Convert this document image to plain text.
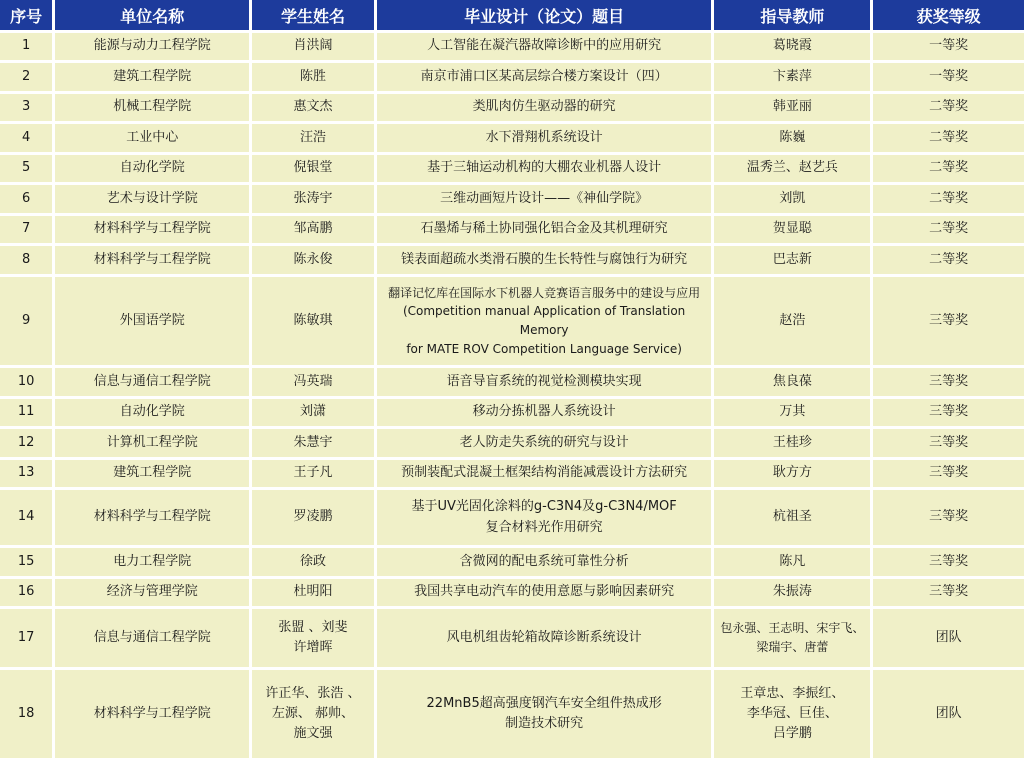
序号	单位名称	学生姓名	毕业设计（论文）题目	指导教师	获奖等级
1	能源与动力工程学院	肖洪阔	人工智能在凝汽器故障诊断中的应用研究	葛晓霞	一等奖
2	建筑工程学院	陈胜	南京市浦口区某高层综合楼方案设计（四）	卞素萍	一等奖
3	机械工程学院	惠文杰	类肌肉仿生驱动器的研究	韩亚丽	二等奖
4	工业中心	汪浩	水下滑翔机系统设计	陈巍	二等奖
5	自动化学院	倪银堂	基于三轴运动机构的大棚农业机器人设计	温秀兰、赵艺兵	二等奖
6	艺术与设计学院	张涛宇	三维动画短片设计——《神仙学院》	刘凯	二等奖
7	材料科学与工程学院	邹高鹏	石墨烯与稀土协同强化铝合金及其机理研究	贺显聪	二等奖
8	材料科学与工程学院	陈永俊	镁表面超疏水类滑石膜的生长特性与腐蚀行为研究	巴志新	二等奖
9	外国语学院	陈敏琪	翻译记忆库在国际水下机器人竞赛语言服务中的建设与应用
(Competition manual Application of Translation Memory
for MATE ROV Competition Language Service)	赵浩	三等奖
10	信息与通信工程学院	冯英瑞	语音导盲系统的视觉检测模块实现	焦良葆	三等奖
11	自动化学院	刘潇	移动分拣机器人系统设计	万其	三等奖
12	计算机工程学院	朱慧宇	老人防走失系统的研究与设计	王桂珍	三等奖
13	建筑工程学院	王子凡	预制装配式混凝土框架结构消能减震设计方法研究	耿方方	三等奖
14	材料科学与工程学院	罗凌鹏	基于UV光固化涂料的g-C3N4及g-C3N4/MOF
复合材料光作用研究	杭祖圣	三等奖
15	电力工程学院	徐政	含微网的配电系统可靠性分析	陈凡	三等奖
16	经济与管理学院	杜明阳	我国共享电动汽车的使用意愿与影响因素研究	朱振涛	三等奖
17	信息与通信工程学院	张盟 、刘斐
许增晖	风电机组齿轮箱故障诊断系统设计	包永强、王志明、宋宇飞、
梁瑞宇、唐蕾	团队
18	材料科学与工程学院	许正华、张浩 、
左源、 郝帅、
施文强	22MnB5超高强度钢汽车安全组件热成形
制造技术研究	王章忠、李振红、
李华冠、巨佳、
吕学鹏	团队
